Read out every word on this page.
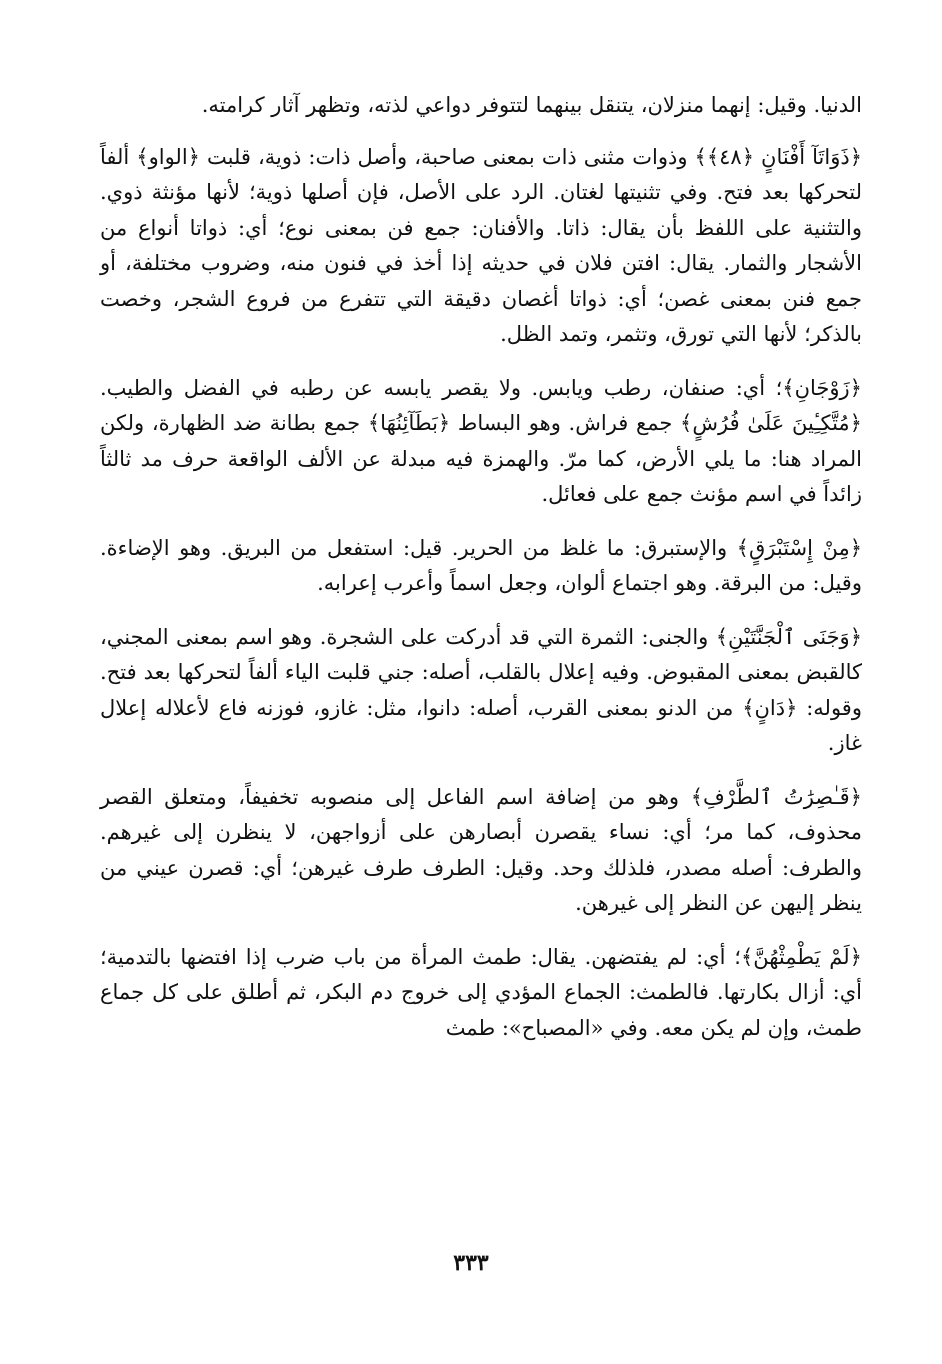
الدنيا. وقيل: إنهما منزلان، يتنقل بينهما لتتوفر دواعي لذته، وتظهر آثار كرامته.

﴿ذَوَاتَآ أَفْنَانٍ ﴿٤٨﴾﴾ وذوات مثنى ذات بمعنى صاحبة، وأصل ذات: ذوية، قلبت ﴿الواو﴾ ألفاً لتحركها بعد فتح. وفي تثنيتها لغتان. الرد على الأصل، فإن أصلها ذوية؛ لأنها مؤنثة ذوي. والتثنية على اللفظ بأن يقال: ذاتا. والأفنان: جمع فن بمعنى نوع؛ أي: ذواتا أنواع من الأشجار والثمار. يقال: افتن فلان في حديثه إذا أخذ في فنون منه، وضروب مختلفة، أو جمع فنن بمعنى غصن؛ أي: ذواتا أغصان دقيقة التي تتفرع من فروع الشجر، وخصت بالذكر؛ لأنها التي تورق، وتثمر، وتمد الظل.

﴿زَوْجَانِ﴾؛ أي: صنفان، رطب ويابس. ولا يقصر يابسه عن رطبه في الفضل والطيب. ﴿مُتَّكِـِٔينَ عَلَىٰ فُرُشٍ﴾ جمع فراش. وهو البساط ﴿بَطَآئِنُهَا﴾ جمع بطانة ضد الظهارة، ولكن المراد هنا: ما يلي الأرض، كما مرّ. والهمزة فيه مبدلة عن الألف الواقعة حرف مد ثالثاً زائداً في اسم مؤنث جمع على فعائل.

﴿مِنْ إِسْتَبْرَقٍ﴾ والإستبرق: ما غلظ من الحرير. قيل: استفعل من البريق. وهو الإضاءة. وقيل: من البرقة. وهو اجتماع ألوان، وجعل اسماً وأعرب إعرابه.

﴿وَجَنَى ٱلْجَنَّتَيْنِ﴾ والجنى: الثمرة التي قد أدركت على الشجرة. وهو اسم بمعنى المجني، كالقبض بمعنى المقبوض. وفيه إعلال بالقلب، أصله: جني قلبت الياء ألفاً لتحركها بعد فتح. وقوله: ﴿دَانٍ﴾ من الدنو بمعنى القرب، أصله: دانوا، مثل: غازو، فوزنه فاع لأعلاله إعلال غاز.

﴿قَـٰصِرَٰتُ ٱلطَّرْفِ﴾ وهو من إضافة اسم الفاعل إلى منصوبه تخفيفاً، ومتعلق القصر محذوف، كما مر؛ أي: نساء يقصرن أبصارهن على أزواجهن، لا ينظرن إلى غيرهم. والطرف: أصله مصدر، فلذلك وحد. وقيل: الطرف طرف غيرهن؛ أي: قصرن عيني من ينظر إليهن عن النظر إلى غيرهن.

﴿لَمْ يَطْمِثْهُنَّ﴾؛ أي: لم يفتضهن. يقال: طمث المرأة من باب ضرب إذا افتضها بالتدمية؛ أي: أزال بكارتها. فالطمث: الجماع المؤدي إلى خروج دم البكر، ثم أطلق على كل جماع طمث، وإن لم يكن معه. وفي «المصباح»: طمث

٣٣٣
